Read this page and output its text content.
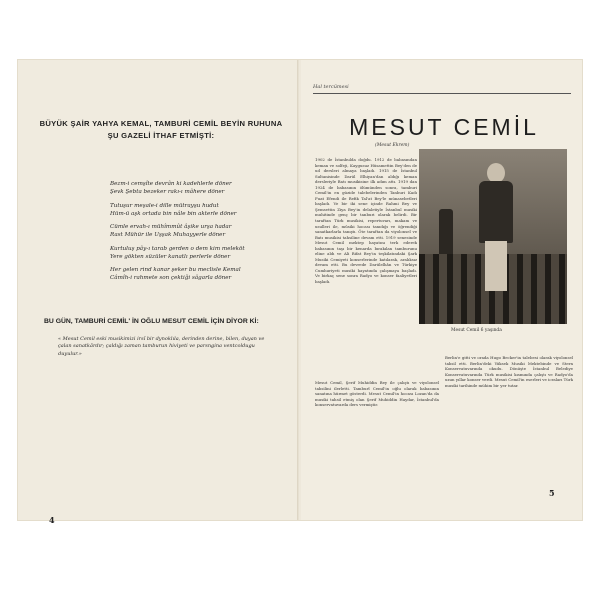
BÜYÜK ŞAİR YAHYA KEMAL, TAMBURİ CEMİL BEYİN RUHUNA ŞU GAZELİ İTHAF ETMİŞTİ:
Bezm-i cemşîte devrân ki kadehlerle döner
Şevk Şebta bezeker rakı-ı mâhere döner
Tutuşur meşale-i dille mütrayşu hudut
Hüm-ü aşk ortada bin nâle bin akterle döner
Cümle ervah-ı mühîmmût âşike urşa hadar
Rast Mühür ile Uşşak Muhayyerle döner
Kurtuluş pây-ı tarab gerden o dem kim meleköt
Yere gökten süzüler kanatlı perlerle döner
Her gelen rind kanar şeker bu meclisle Kemal
Câmîh-i rahmete son çektiği sâgarla döner
BU GÜN, TAMBURİ CEMİL' İN OĞLU MESUT CEMİL İÇİN DİYOR Kİ:
« Mesut Cemil eski musikimizi irsî bir dynoklıla, derinden derine, bilen, duyan ve çalan sanatkârdır; çaldığı zaman tamburun hiviyeti ve parsngina ventcoldugu duyulur.»
4
Hal tercümesi
MESUT CEMİL
(Mesut Ekrem)
1902 de İstanbulda doğdu. 1912 de babasından keman ve solfeji, Kaygusuz Hüsamettin Bey'den de ud dersleri almaya başladı. 1915 de İstanbul Sultanisinde Darül Elhiyan'dan aldığı keman dersleriyle Batı musikisine ilk adım attı. 1919 dan 1924 de babasının ölümünden sonra, tamburi Cemil'in en güzide talebelerinden Tanburi Kadı Fuat Efendi ile Refik Tal'at Bey'le münasebetleri başladı. Ve bir iki sene içinde Rahmi Bey ve Şemsettin Ziya Bey'in delaletiyle İstanbul musiki muhitinde genç bir tanburi olarak belirdi. Bir taraftan Türk musikisi, repertuvarı, makam ve usulleri ile, mûsiki hocası tanıdığı ve öğrendiği sanatkarlarla tanıştı. Öte taraftan da viyolonsel ve Batı musikisi tahsiline devam etti. 1919 senesinde Mesut Cemil mektep hayatını terk ederek babasının taşı bir kenarda bırakılan tamburunu eline aldı ve Ali Rifat Bey'in teşkilatındaki Şark Musiki Cemiyeti konserlerinde katılarak, aralıksız devam etti. Bu devrede Darülelhân ve Türkiye Cumhuriyeti musiki hayatında çalışmaya başladı. Ve birkaç sene sonra Radyo ve konser faaliyetleri başladı.
Mesut Cemil 6 yaşında
Mesut Cemil, Şerif Muhiddin Bey ile çalıştı ve viyolonsel tahsilini ilerletti. Tamburî Cemil'in oğlu olarak babasının sanatına hürmet gösterdi. Mesut Cemil'in hocası Lozan'da da musiki tahsil etmiş olan Şerif Muhiddin Haydar, İstanbul'da konservatuvarda ders vermiştir.
Berlin'e gitti ve orada Hugo Becker'in talebesi olarak viyolonsel tahsil etti. Berlin'deki Yüksek Musiki Mektebinde ve Stern Konservatuvarında okudu. Dönüşte İstanbul Belediye Konservatuvarında Türk musikisi kısmında çalıştı ve Radyo'da uzun yıllar konser verdi. Mesut Cemil'in eserleri ve icraları Türk musiki tarihinde mühim bir yer tutar.
5
